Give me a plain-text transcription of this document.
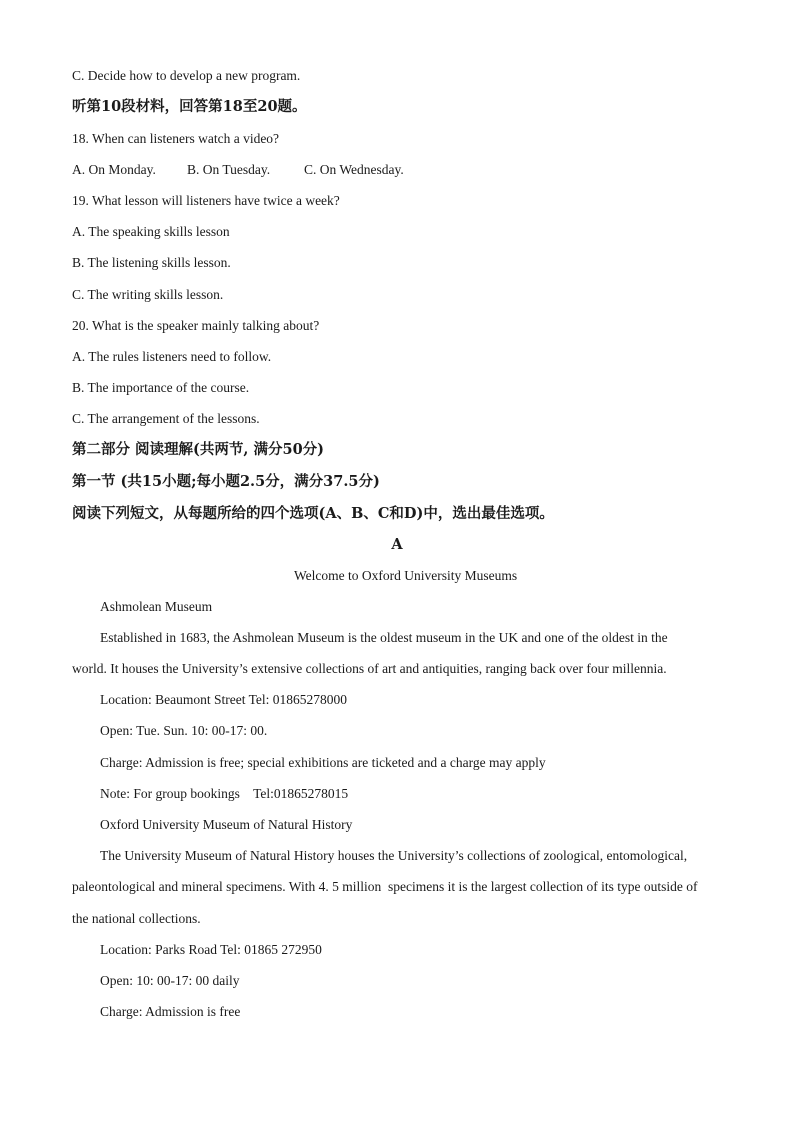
C. Decide how to develop a new program.
听第10段材料，回答第18至20题。
18. When can listeners watch a video?
A. On Monday. B. On Tuesday.	C. On Wednesday.
19. What lesson will listeners have twice a week?
A. The speaking skills lesson
B. The listening skills lesson.
C. The writing skills lesson.
20. What is the speaker mainly talking about?
A. The rules listeners need to follow.
B. The importance of the course.
C. The arrangement of the lessons.
第二部分 阅读理解(共两节, 满分50分)
第一节 (共15小题;每小题2.5分，满分37.5分)
阅读下列短文，从每题所给的四个选项(A、B、C和D)中，选出最佳选项。
A
Welcome to Oxford University Museums
Ashmolean Museum
Established in 1683, the Ashmolean Museum is the oldest museum in the UK and one of the oldest in the
world. It houses the University’s extensive collections of art and antiquities, ranging back over four millennia.
Location: Beaumont Street Tel: 01865278000
Open: Tue. Sun. 10: 00-17: 00.
Charge: Admission is free; special exhibitions are ticketed and a charge may apply
Note: For group bookings    Tel:01865278015
Oxford University Museum of Natural History
The University Museum of Natural History houses the University’s collections of zoological, entomological,
paleontological and mineral specimens. With 4. 5 million  specimens it is the largest collection of its type outside of
the national collections.
Location: Parks Road Tel: 01865 272950
Open: 10: 00-17: 00 daily
Charge: Admission is free
